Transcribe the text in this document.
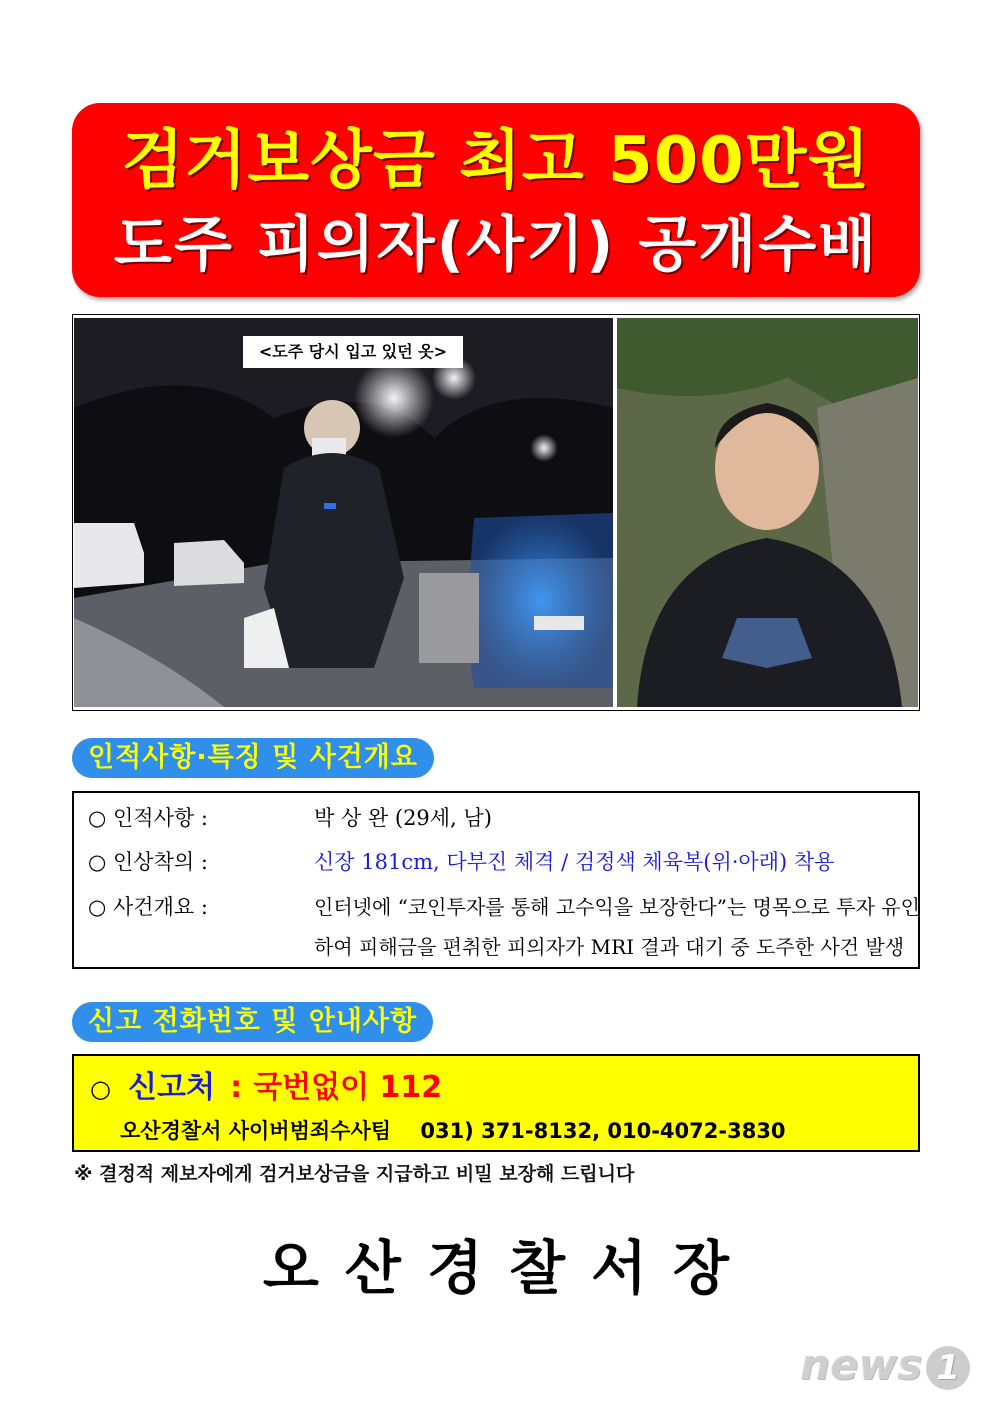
검거보상금 최고 500만원
도주 피의자(사기) 공개수배
<도주 당시 입고 있던 옷>
인적사항·특징 및 사건개요
○ 인적사항 :	박 상 완 (29세, 남)
○ 인상착의 :	신장 181cm, 다부진 체격 / 검정색 체육복(위·아래) 착용
○ 사건개요 :	인터넷에 “코인투자를 통해 고수익을 보장한다”는 명목으로 투자 유인
하여 피해금을 편취한 피의자가 MRI 결과 대기 중 도주한 사건 발생
신고 전화번호 및 안내사항
○ 신고처 : 국번없이 112
오산경찰서 사이버범죄수사팀 031) 371-8132, 010-4072-3830
※ 결정적 제보자에게 검거보상금을 지급하고 비밀 보장해 드립니다
오산경찰서장
news 1
